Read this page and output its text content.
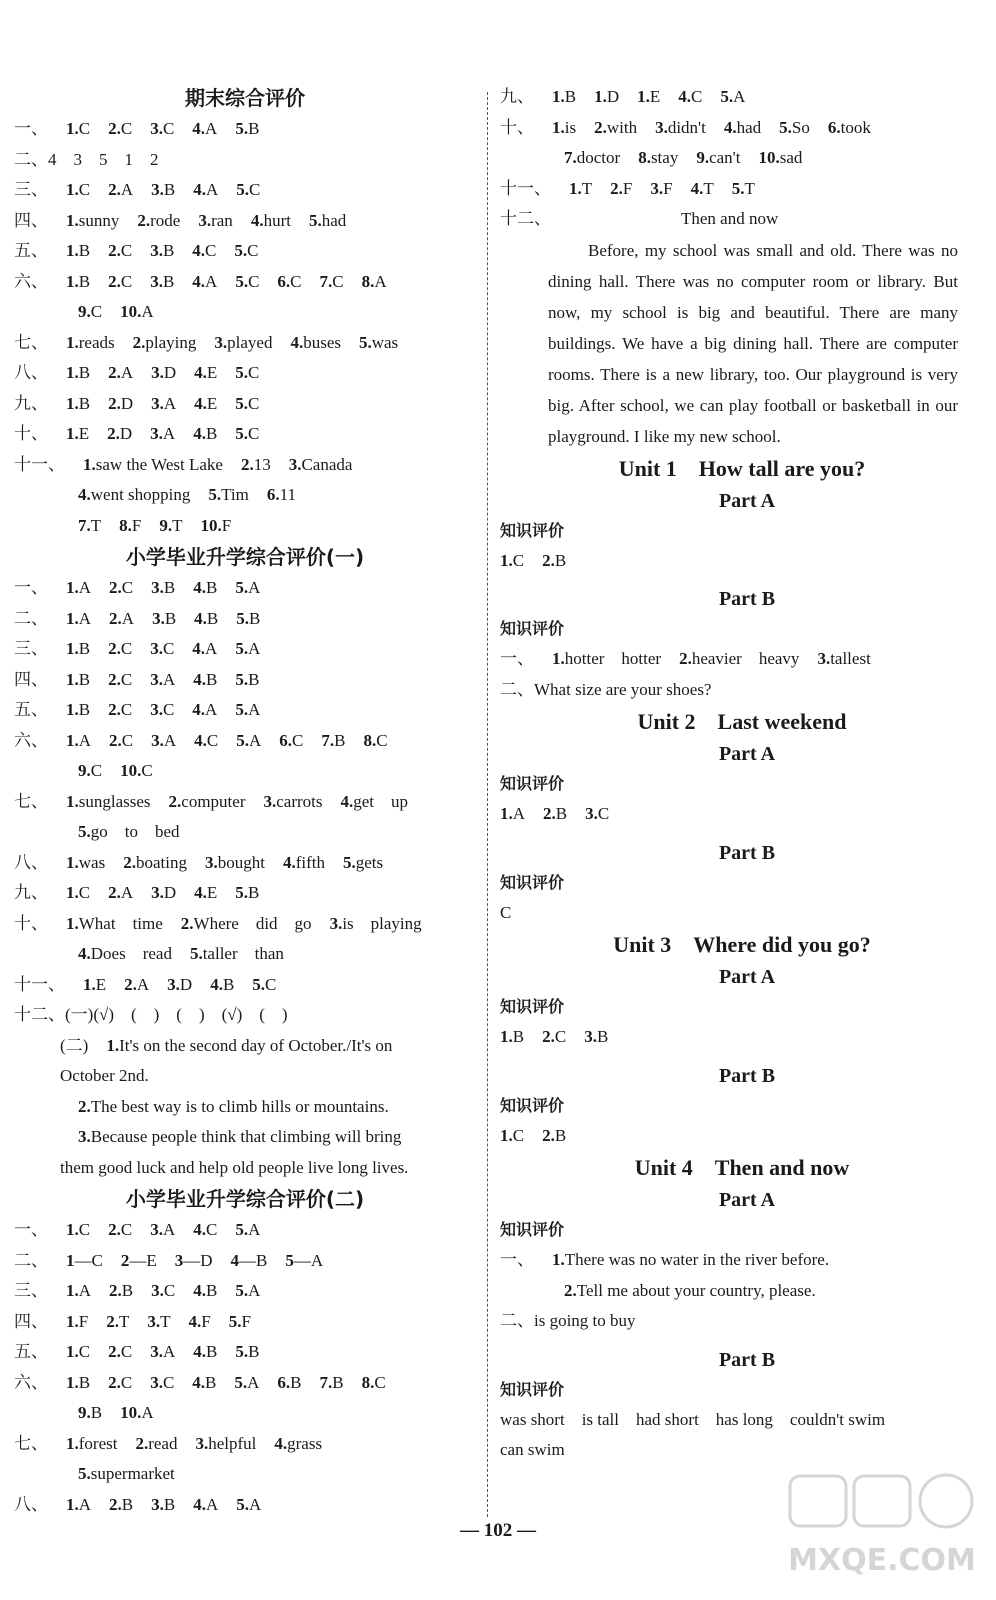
期末综合评价
一、 1.C 2.C 3.C 4.A 5.B
二、4　3　5　1　2
三、 1.C 2.A 3.B 4.A 5.C
四、 1.sunny 2.rode 3.ran 4.hurt 5.had
五、 1.B 2.C 3.B 4.C 5.C
六、 1.B 2.C 3.B 4.A 5.C 6.C 7.C 8.A
9.C 10.A
七、 1.reads 2.playing 3.played 4.buses 5.was
八、 1.B 2.A 3.D 4.E 5.C
九、 1.B 2.D 3.A 4.E 5.C
十、 1.E 2.D 3.A 4.B 5.C
十一、 1.saw the West Lake 2.13 3.Canada
4.went shopping 5.Tim 6.11
7.T 8.F 9.T 10.F
小学毕业升学综合评价(一)
一、 1.A 2.C 3.B 4.B 5.A
二、 1.A 2.A 3.B 4.B 5.B
三、 1.B 2.C 3.C 4.A 5.A
四、 1.B 2.C 3.A 4.B 5.B
五、 1.B 2.C 3.C 4.A 5.A
六、 1.A 2.C 3.A 4.C 5.A 6.C 7.B 8.C
9.C 10.C
七、 1.sunglasses 2.computer 3.carrots 4.get　up
5.go　to　bed
八、 1.was 2.boating 3.bought 4.fifth 5.gets
九、 1.C 2.A 3.D 4.E 5.B
十、 1.What　time 2.Where　did　go 3.is　playing
4.Does　read 5.taller　than
十一、 1.E 2.A 3.D 4.B 5.C
十二、(一)(√)　(　)　(　)　(√)　(　)
(二) 1.It's on the second day of October./It's on
October 2nd.
2.The best way is to climb hills or mountains.
3.Because people think that climbing will bring
them good luck and help old people live long lives.
小学毕业升学综合评价(二)
一、 1.C 2.C 3.A 4.C 5.A
二、 1—C 2—E 3—D 4—B 5—A
三、 1.A 2.B 3.C 4.B 5.A
四、 1.F 2.T 3.T 4.F 5.F
五、 1.C 2.C 3.A 4.B 5.B
六、 1.B 2.C 3.C 4.B 5.A 6.B 7.B 8.C
9.B 10.A
七、 1.forest 2.read 3.helpful 4.grass
5.supermarket
八、 1.A 2.B 3.B 4.A 5.A
九、 1.B 1.D 1.E 4.C 5.A
十、 1.is 2.with 3.didn't 4.had 5.So 6.took
7.doctor 8.stay 9.can't 10.sad
十一、 1.T 2.F 3.F 4.T 5.T
十二、	Then and now
Before, my school was small and old. There was no dining hall. There was no computer room or library. But now, my school is big and beautiful. There are many buildings. We have a big dining hall. There are computer rooms. There is a new library, too. Our playground is very big. After school, we can play football or basketball in our playground. I like my new school.
Unit 1　How tall are you?
Part A
知识评价
1.C 2.B
Part B
知识评价
一、 1.hotter　hotter 2.heavier　heavy 3.tallest
二、What size are your shoes?
Unit 2　Last weekend
Part A
知识评价
1.A 2.B 3.C
Part B
知识评价
C
Unit 3　Where did you go?
Part A
知识评价
1.B 2.C 3.B
Part B
知识评价
1.C 2.B
Unit 4　Then and now
Part A
知识评价
一、 1.There was no water in the river before.
2.Tell me about your country, please.
二、is going to buy
Part B
知识评价
was short　is tall　had short　has long　couldn't swim
can swim
— 102 —
MXQE.COM
